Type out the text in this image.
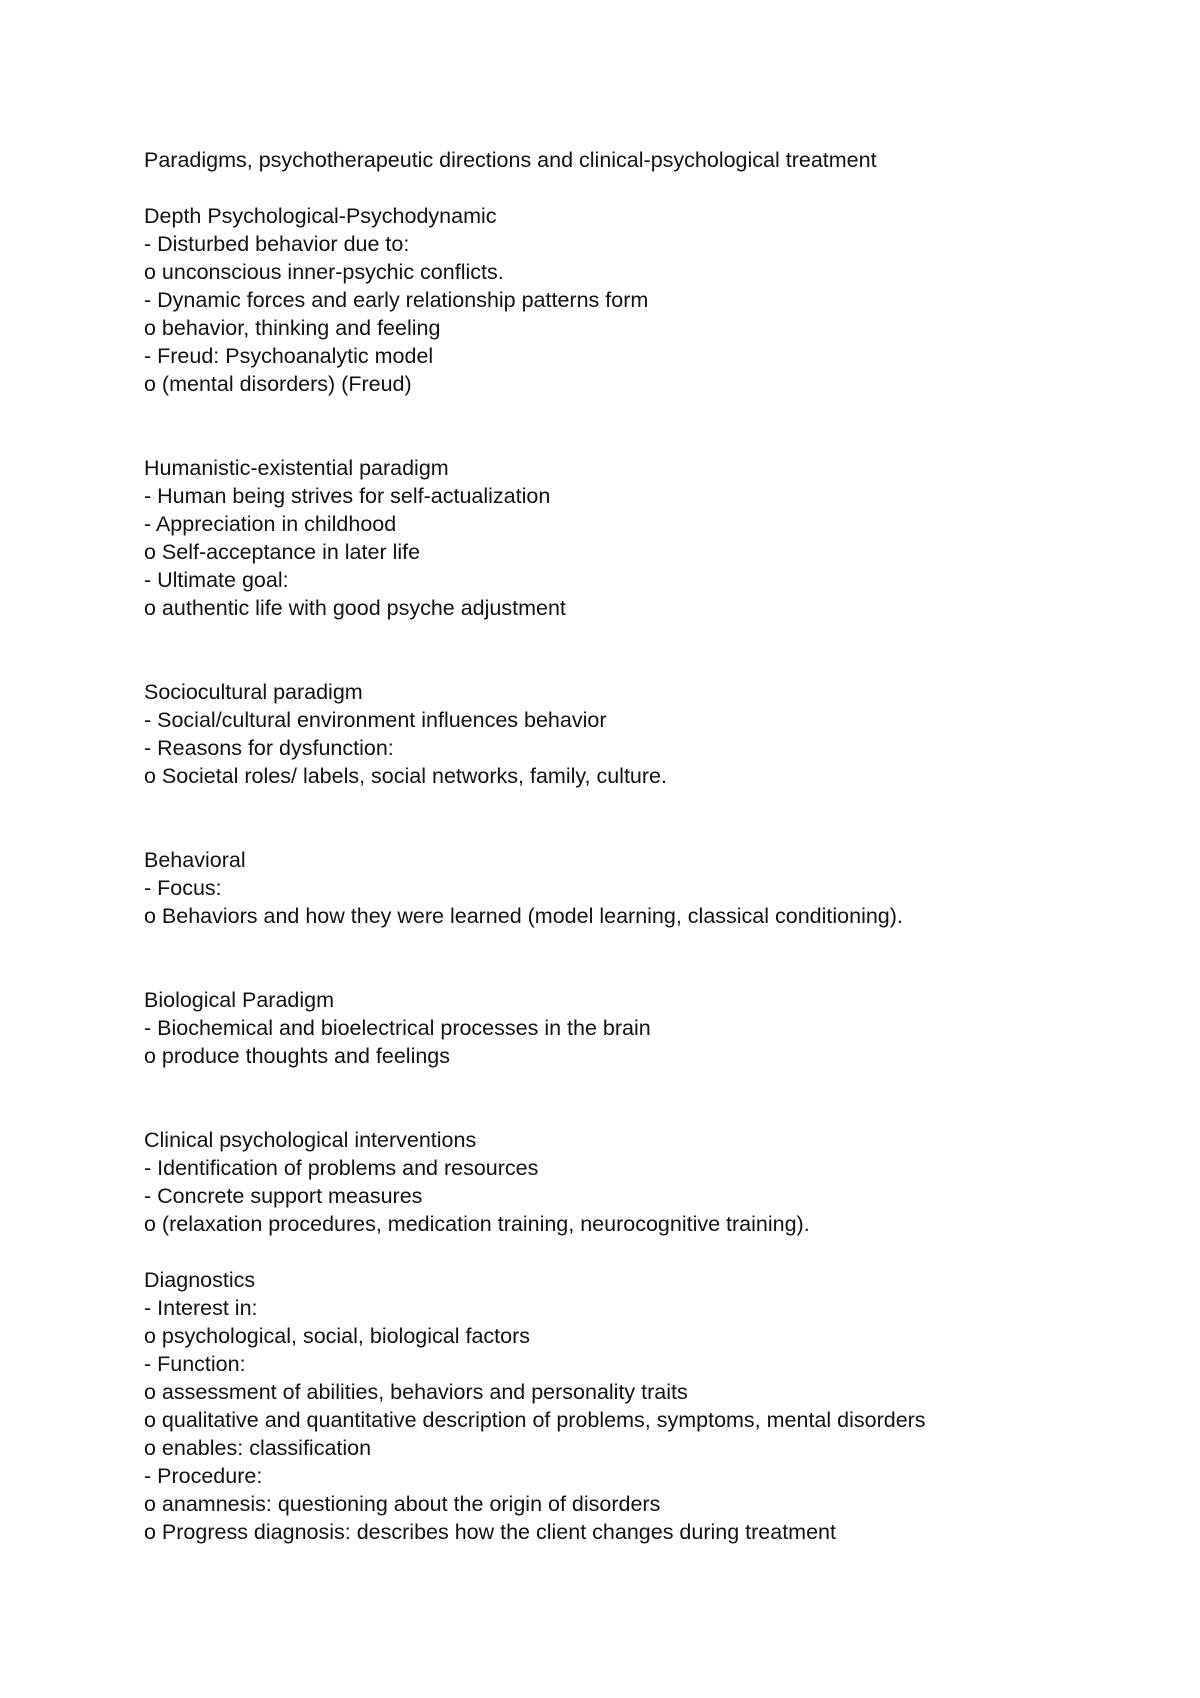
Paradigms, psychotherapeutic directions and clinical-psychological treatment
Depth Psychological-Psychodynamic
- Disturbed behavior due to:
o unconscious inner-psychic conflicts.
- Dynamic forces and early relationship patterns form
o behavior, thinking and feeling
- Freud: Psychoanalytic model
o (mental disorders) (Freud)
Humanistic-existential paradigm
- Human being strives for self-actualization
- Appreciation in childhood
o Self-acceptance in later life
- Ultimate goal:
o authentic life with good psyche adjustment
Sociocultural paradigm
- Social/cultural environment influences behavior
- Reasons for dysfunction:
o Societal roles/ labels, social networks, family, culture.
Behavioral
- Focus:
o Behaviors and how they were learned (model learning, classical conditioning).
Biological Paradigm
- Biochemical and bioelectrical processes in the brain
o produce thoughts and feelings
Clinical psychological interventions
- Identification of problems and resources
- Concrete support measures
o (relaxation procedures, medication training, neurocognitive training).
Diagnostics
- Interest in:
o psychological, social, biological factors
- Function:
o assessment of abilities, behaviors and personality traits
o qualitative and quantitative description of problems, symptoms, mental disorders
o enables: classification
- Procedure:
o anamnesis: questioning about the origin of disorders
o Progress diagnosis: describes how the client changes during treatment
